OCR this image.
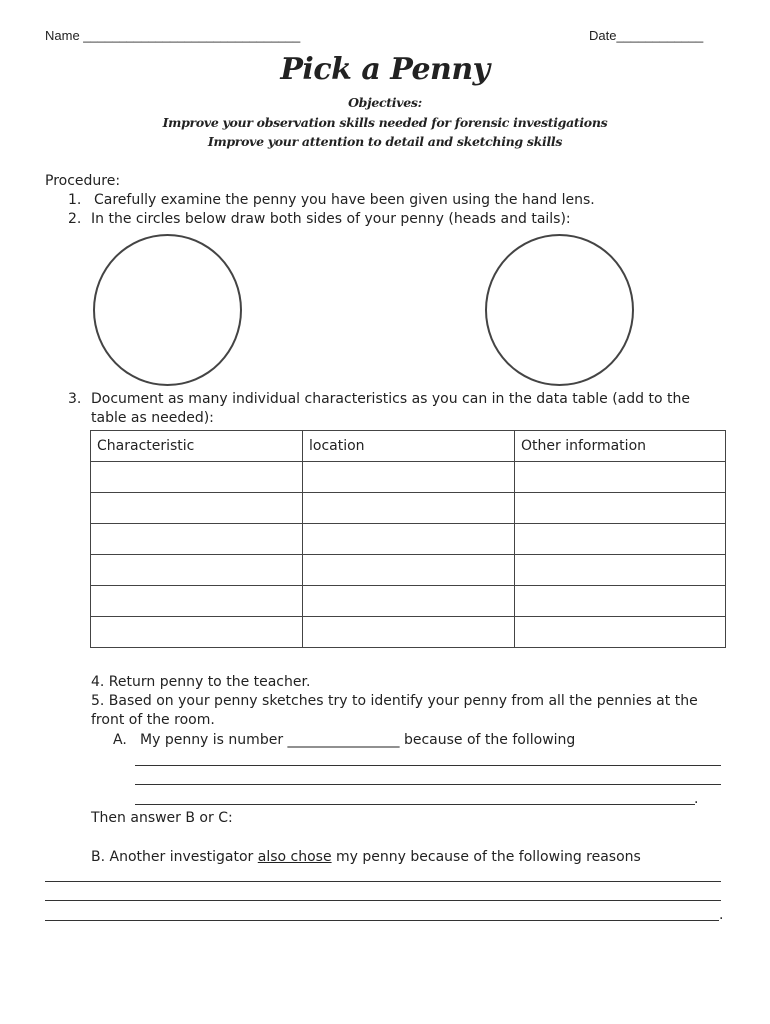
Name ______________________________	Date____________
Pick a Penny
Objectives:
Improve your observation skills needed for forensic investigations
Improve your attention to detail and sketching skills
Procedure:
1. Carefully examine the penny you have been given using the hand lens.
2. In the circles below draw both sides of your penny (heads and tails):
3. Document as many individual characteristics as you can in the data table (add to the
table as needed):
Characteristic	location	Other information

4. Return penny to the teacher.
5. Based on your penny sketches try to identify your penny from all the pennies at the
front of the room.
A. My penny is number ________________ because of the following
.
Then answer B or C:
B. Another investigator also chose my penny because of the following reasons
.
